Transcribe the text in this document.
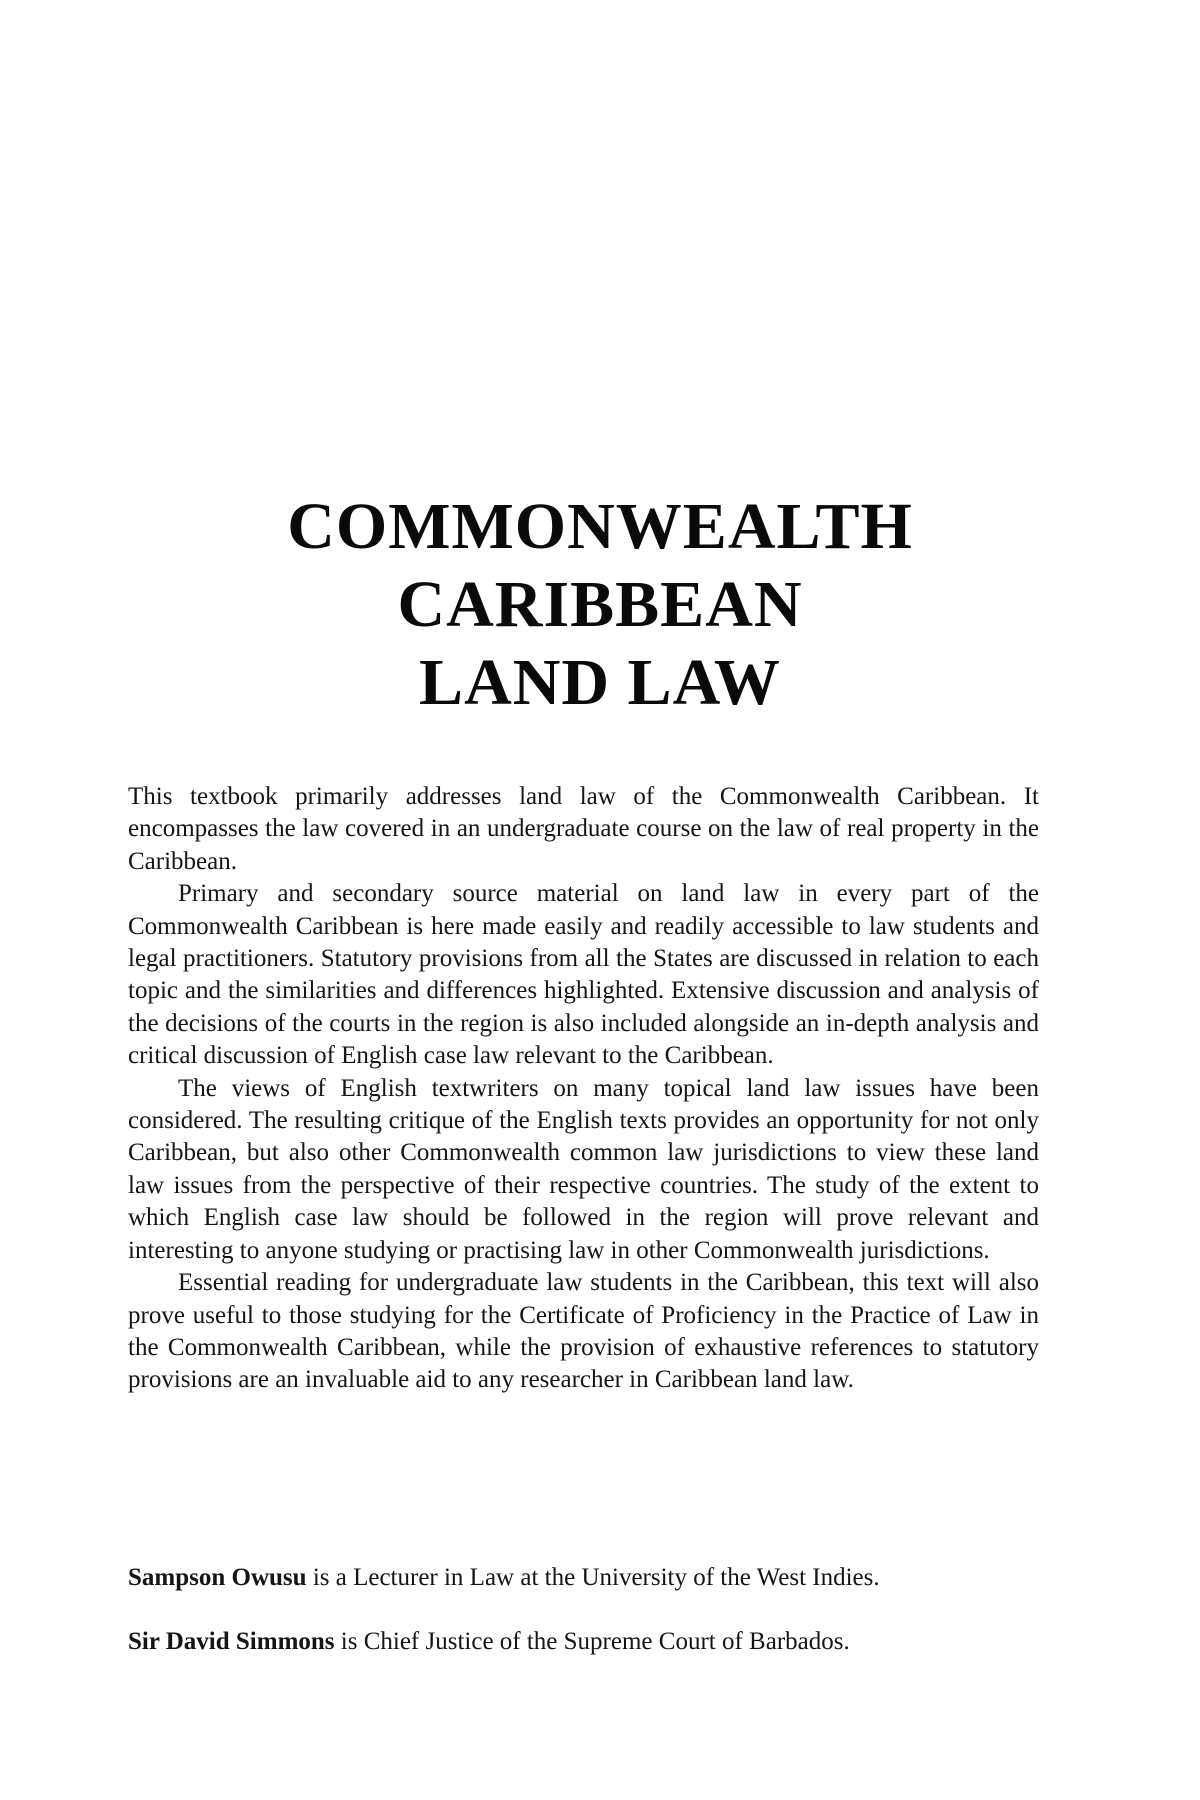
COMMONWEALTH
CARIBBEAN
LAND LAW

This textbook primarily addresses land law of the Commonwealth Caribbean. It encompasses the law covered in an undergraduate course on the law of real property in the Caribbean.

Primary and secondary source material on land law in every part of the Commonwealth Caribbean is here made easily and readily accessible to law students and legal practitioners. Statutory provisions from all the States are discussed in relation to each topic and the similarities and differences highlighted. Extensive discussion and analysis of the decisions of the courts in the region is also included alongside an in-depth analysis and critical discussion of English case law relevant to the Caribbean.

The views of English textwriters on many topical land law issues have been considered. The resulting critique of the English texts provides an opportunity for not only Caribbean, but also other Commonwealth common law jurisdictions to view these land law issues from the perspective of their respective countries. The study of the extent to which English case law should be followed in the region will prove relevant and interesting to anyone studying or practising law in other Commonwealth jurisdictions.

Essential reading for undergraduate law students in the Caribbean, this text will also prove useful to those studying for the Certificate of Proficiency in the Practice of Law in the Commonwealth Caribbean, while the provision of exhaustive references to statutory provisions are an invaluable aid to any researcher in Caribbean land law.

Sampson Owusu is a Lecturer in Law at the University of the West Indies.

Sir David Simmons is Chief Justice of the Supreme Court of Barbados.
